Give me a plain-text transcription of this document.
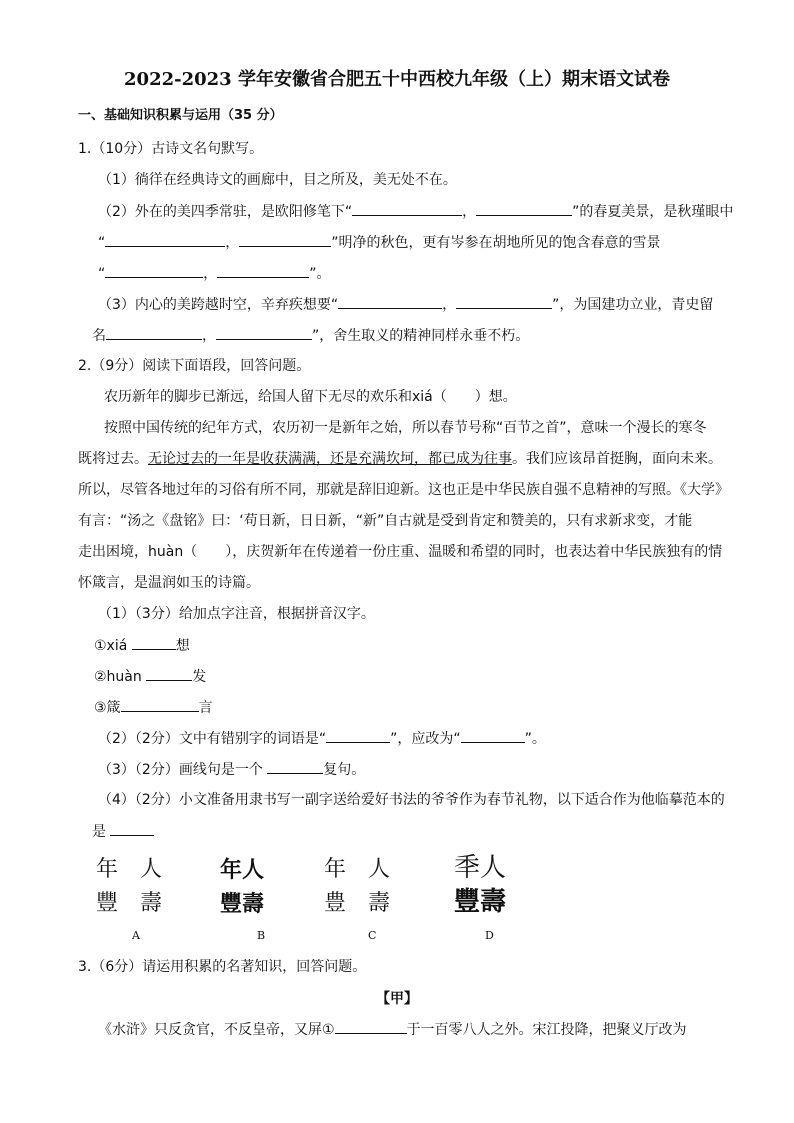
2022-2023 学年安徽省合肥五十中西校九年级（上）期末语文试卷
一、基础知识积累与运用（35 分）
1.（10分）古诗文名句默写。
（1）徜徉在经典诗文的画廊中，目之所及，美无处不在。
（2）外在的美四季常驻，是欧阳修笔下“	，	”的春夏美景，是秋瑾眼中
“	，	”明净的秋色，更有岑参在胡地所见的饱含春意的雪景
“	，	”。
（3）内心的美跨越时空，辛弃疾想要“	，	”，为国建功立业，青史留
名	，	”，舍生取义的精神同样永垂不朽。
2.（9分）阅读下面语段，回答问题。
农历新年的脚步已渐远，给国人留下无尽的欢乐和xiá（　　）想。
按照中国传统的纪年方式，农历初一是新年之始，所以春节号称“百节之首”，意味一个漫长的寒冬
既将过去。无论过去的一年是收获满满，还是充满坎坷，都已成为往事。我们应该昂首挺胸，面向未来。
所以，尽管各地过年的习俗有所不同，那就是辞旧迎新。这也正是中华民族自强不息精神的写照。《大学》
有言：“汤之《盘铭》曰：‘苟日新，日日新，“新”自古就是受到肯定和赞美的，只有求新求变，才能
走出困境，huàn（　　），庆贺新年在传递着一份庄重、温暖和希望的同时，也表达着中华民族独有的情
怀箴言，是温润如玉的诗篇。
（1）（3分）给加点字注音，根据拼音汉字。
①xiá	想
②huàn	发
③箴	言
（2）（2分）文中有错别字的词语是“	”，应改为“	”。
（3）（2分）画线句是一个	复句。
（4）（2分）小文准备用隶书写一副字送给爱好书法的爷爷作为春节礼物，以下适合作为他临摹范本的
是
年　人
豐　壽
年人
豐壽
年　人
豊　壽
秊人
豐壽
A	B	C	D
3.（6分）请运用积累的名著知识，回答问题。
【甲】
《水浒》只反贪官，不反皇帝，又屏①	于一百零八人之外。宋江投降，把聚义厅改为
